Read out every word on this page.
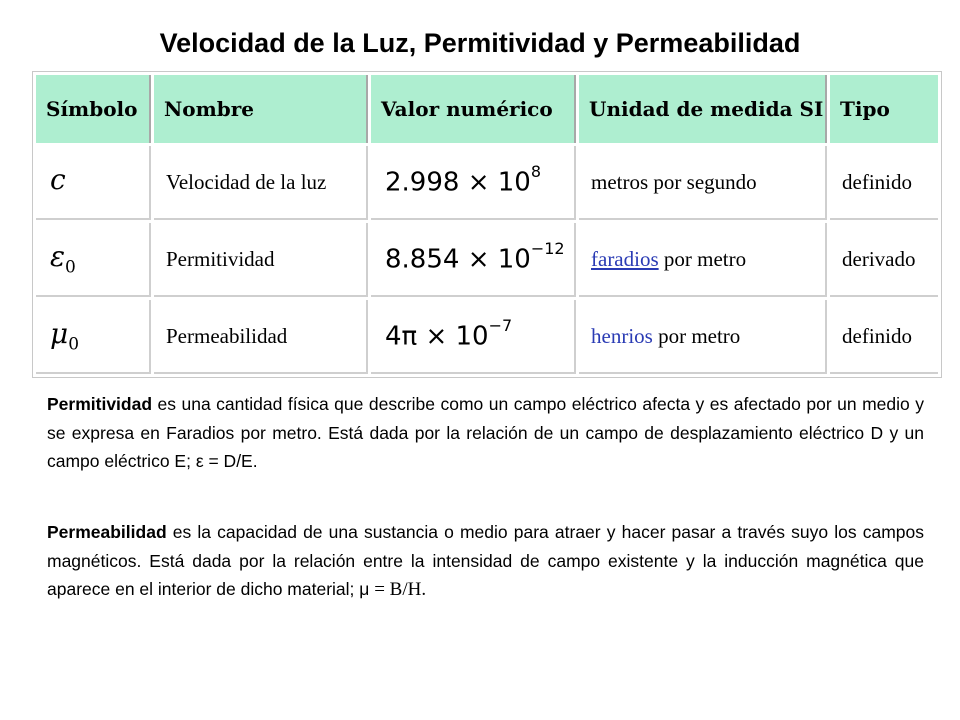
Velocidad de la Luz, Permitividad y Permeabilidad
Símbolo	Nombre	Valor numérico	Unidad de medida SI	Tipo
c	Velocidad de la luz	$2.998 \times 10^8$	metros por segundo	definido
$\varepsilon_0$	Permitividad	$8.854 \times 10^{-12}$	faradios por metro	derivado
$\mu_0$	Permeabilidad	$4\pi \times 10^{-7}$	henrios por metro	definido

Permitividad es una cantidad física que describe como un campo eléctrico afecta y es afectado por un medio y se expresa en Faradios por metro. Está dada por la relación de un campo de desplazamiento eléctrico D y un campo eléctrico E; ε = D/E.

Permeabilidad es la capacidad de una sustancia o medio para atraer y hacer pasar a través suyo los campos magnéticos. Está dada por la relación entre la intensidad de campo existente y la inducción magnética que aparece en el interior de dicho material; μ = B/H.
